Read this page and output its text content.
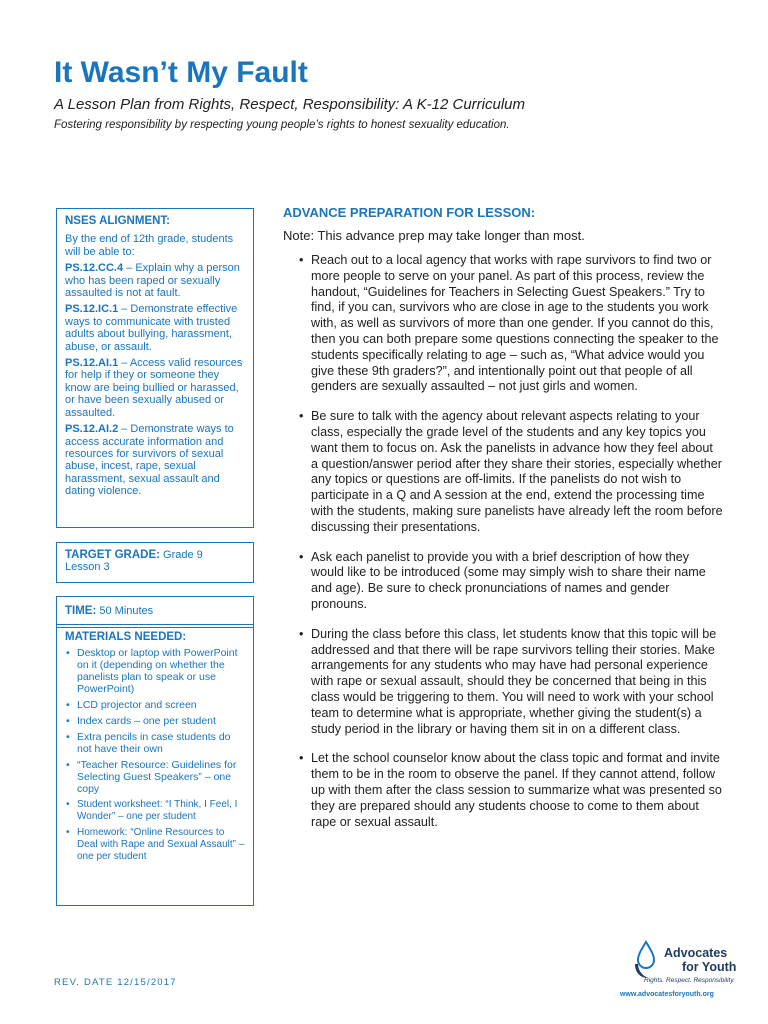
It Wasn’t My Fault
A Lesson Plan from Rights, Respect, Responsibility: A K-12 Curriculum
Fostering responsibility by respecting young people’s rights to honest sexuality education.
NSES ALIGNMENT:

By the end of 12th grade, students will be able to:

PS.12.CC.4 – Explain why a person who has been raped or sexually assaulted is not at fault.

PS.12.IC.1 – Demonstrate effective ways to communicate with trusted adults about bullying, harassment, abuse, or assault.

PS.12.AI.1 – Access valid resources for help if they or someone they know are being bullied or harassed, or have been sexually abused or assaulted.

PS.12.AI.2 – Demonstrate ways to access accurate information and resources for survivors of sexual abuse, incest, rape, sexual harassment, sexual assault and dating violence.

TARGET GRADE: Grade 9
Lesson 3
TIME: 50 Minutes
MATERIALS NEEDED:
• Desktop or laptop with PowerPoint on it (depending on whether the panelists plan to speak or use PowerPoint)
• LCD projector and screen
• Index cards – one per student
• Extra pencils in case students do not have their own
• “Teacher Resource: Guidelines for Selecting Guest Speakers” – one copy
• Student worksheet: “I Think, I Feel, I Wonder” – one per student
• Homework: “Online Resources to Deal with Rape and Sexual Assault” – one per student
ADVANCE PREPARATION FOR LESSON:
Note: This advance prep may take longer than most.
• Reach out to a local agency that works with rape survivors to find two or more people to serve on your panel. As part of this process, review the handout, “Guidelines for Teachers in Selecting Guest Speakers.” Try to find, if you can, survivors who are close in age to the students you work with, as well as survivors of more than one gender. If you cannot do this, then you can both prepare some questions connecting the speaker to the students specifically relating to age – such as, “What advice would you give these 9th graders?”, and intentionally point out that people of all genders are sexually assaulted – not just girls and women.
• Be sure to talk with the agency about relevant aspects relating to your class, especially the grade level of the students and any key topics you want them to focus on. Ask the panelists in advance how they feel about a question/answer period after they share their stories, especially whether any topics or questions are off-limits. If the panelists do not wish to participate in a Q and A session at the end, extend the processing time with the students, making sure panelists have already left the room before discussing their presentations.
• Ask each panelist to provide you with a brief description of how they would like to be introduced (some may simply wish to share their name and age). Be sure to check pronunciations of names and gender pronouns.
• During the class before this class, let students know that this topic will be addressed and that there will be rape survivors telling their stories. Make arrangements for any students who may have had personal experience with rape or sexual assault, should they be concerned that being in this class would be triggering to them. You will need to work with your school team to determine what is appropriate, whether giving the student(s) a study period in the library or having them sit in on a different class.
• Let the school counselor know about the class topic and format and invite them to be in the room to observe the panel. If they cannot attend, follow up with them after the class session to summarize what was presented so they are prepared should any students choose to come to them about rape or sexual assault.
REV. DATE 12/15/2017
Advocates
for Youth
Rights. Respect. Responsibility.
www.advocatesforyouth.org
